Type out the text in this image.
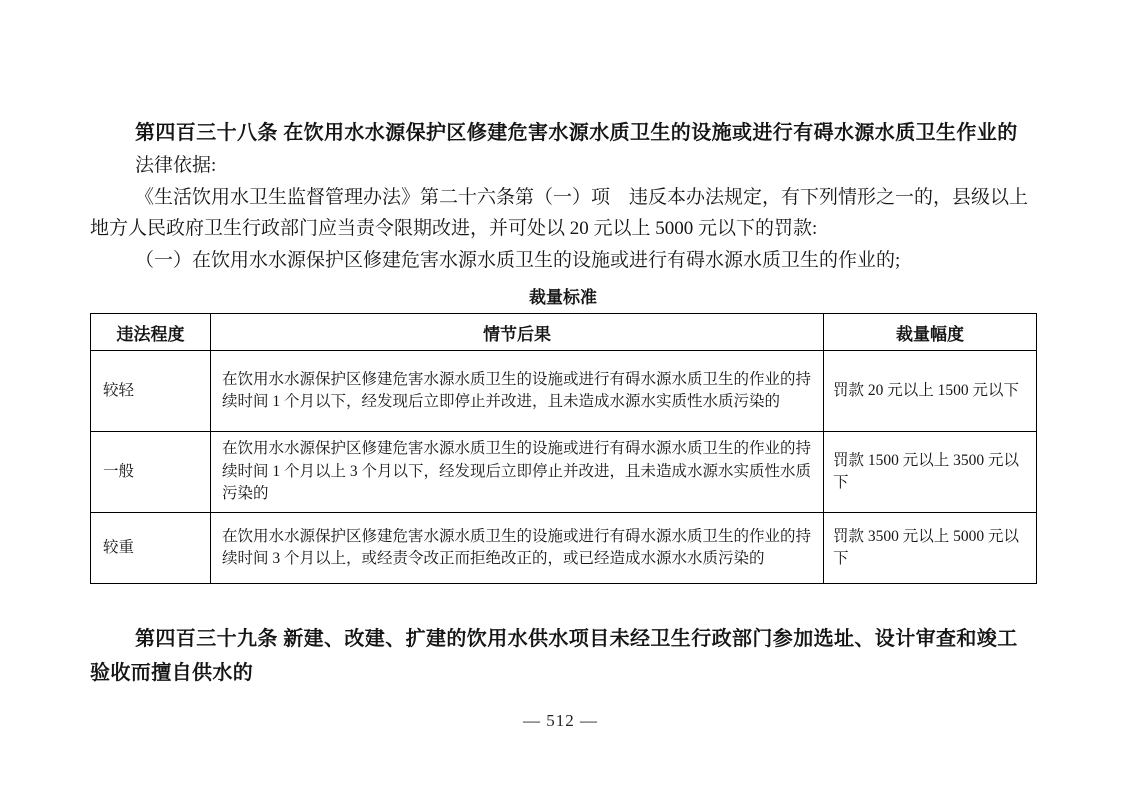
第四百三十八条 在饮用水水源保护区修建危害水源水质卫生的设施或进行有碍水源水质卫生作业的

法律依据:

《生活饮用水卫生监督管理办法》第二十六条第（一）项　违反本办法规定，有下列情形之一的，县级以上地方人民政府卫生行政部门应当责令限期改进，并可处以 20 元以上 5000 元以下的罚款:

（一）在饮用水水源保护区修建危害水源水质卫生的设施或进行有碍水源水质卫生的作业的;

裁量标准
违法程度	情节后果	裁量幅度
较轻	在饮用水水源保护区修建危害水源水质卫生的设施或进行有碍水源水质卫生的作业的持续时间 1 个月以下，经发现后立即停止并改进，且未造成水源水实质性水质污染的	罚款 20 元以上 1500 元以下
一般	在饮用水水源保护区修建危害水源水质卫生的设施或进行有碍水源水质卫生的作业的持续时间 1 个月以上 3 个月以下，经发现后立即停止并改进，且未造成水源水实质性水质污染的	罚款 1500 元以上 3500 元以下
较重	在饮用水水源保护区修建危害水源水质卫生的设施或进行有碍水源水质卫生的作业的持续时间 3 个月以上，或经责令改正而拒绝改正的，或已经造成水源水水质污染的	罚款 3500 元以上 5000 元以下

第四百三十九条 新建、改建、扩建的饮用水供水项目未经卫生行政部门参加选址、设计审查和竣工验收而擅自供水的

— 512 —
